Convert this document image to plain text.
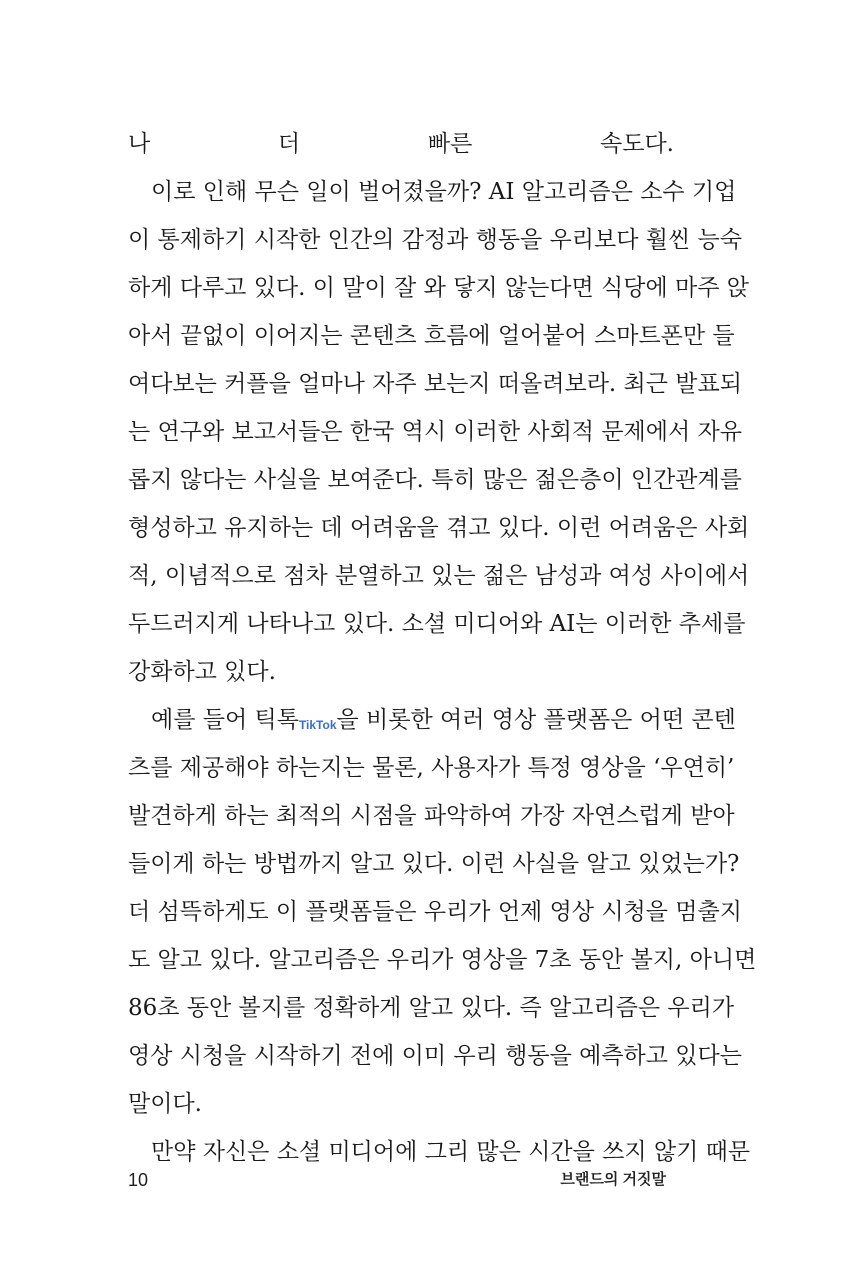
나 더 빠른 속도다.
이로 인해 무슨 일이 벌어졌을까? AI 알고리즘은 소수 기업
이 통제하기 시작한 인간의 감정과 행동을 우리보다 훨씬 능숙
하게 다루고 있다. 이 말이 잘 와 닿지 않는다면 식당에 마주 앉
아서 끝없이 이어지는 콘텐츠 흐름에 얼어붙어 스마트폰만 들
여다보는 커플을 얼마나 자주 보는지 떠올려보라. 최근 발표되
는 연구와 보고서들은 한국 역시 이러한 사회적 문제에서 자유
롭지 않다는 사실을 보여준다. 특히 많은 젊은층이 인간관계를
형성하고 유지하는 데 어려움을 겪고 있다. 이런 어려움은 사회
적, 이념적으로 점차 분열하고 있는 젊은 남성과 여성 사이에서
두드러지게 나타나고 있다. 소셜 미디어와 AI는 이러한 추세를
강화하고 있다.
예를 들어 틱톡TikTok을 비롯한 여러 영상 플랫폼은 어떤 콘텐
츠를 제공해야 하는지는 물론, 사용자가 특정 영상을 ‘우연히’
발견하게 하는 최적의 시점을 파악하여 가장 자연스럽게 받아
들이게 하는 방법까지 알고 있다. 이런 사실을 알고 있었는가?
더 섬뜩하게도 이 플랫폼들은 우리가 언제 영상 시청을 멈출지
도 알고 있다. 알고리즘은 우리가 영상을 7초 동안 볼지, 아니면
86초 동안 볼지를 정확하게 알고 있다. 즉 알고리즘은 우리가
영상 시청을 시작하기 전에 이미 우리 행동을 예측하고 있다는
말이다.
만약 자신은 소셜 미디어에 그리 많은 시간을 쓰지 않기 때문
10	브랜드의 거짓말
